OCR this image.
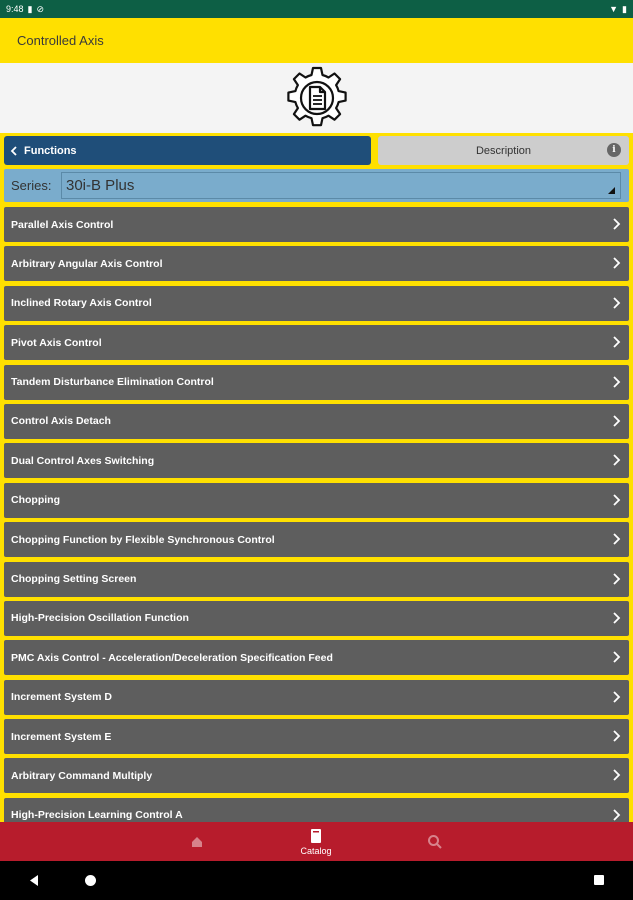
9:48 ▮ ⊘	▼ ▮
Controlled Axis
Functions	Description	i
Series: 30i-B Plus
Parallel Axis Control
Arbitrary Angular Axis Control
Inclined Rotary Axis Control
Pivot Axis Control
Tandem Disturbance Elimination Control
Control Axis Detach
Dual Control Axes Switching
Chopping
Chopping Function by Flexible Synchronous Control
Chopping Setting Screen
High-Precision Oscillation Function
PMC Axis Control - Acceleration/Deceleration Specification Feed
Increment System D
Increment System E
Arbitrary Command Multiply
High-Precision Learning Control A
Catalog
